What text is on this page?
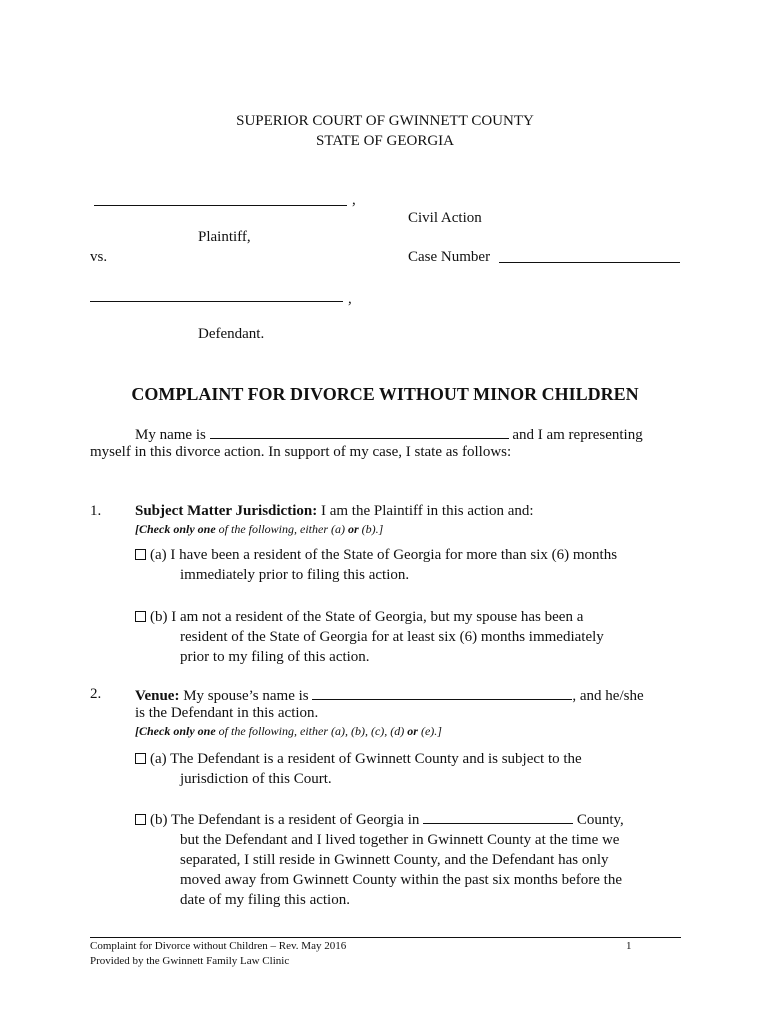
SUPERIOR COURT OF GWINNETT COUNTY
STATE OF GEORGIA
,
Civil Action
Plaintiff,
vs.	Case Number
,
Defendant.
COMPLAINT FOR DIVORCE WITHOUT MINOR CHILDREN
My name is	and I am representing
myself in this divorce action. In support of my case, I state as follows:
1. Subject Matter Jurisdiction: I am the Plaintiff in this action and:
[Check only one of the following, either (a) or (b).]
(a) I have been a resident of the State of Georgia for more than six (6) months
immediately prior to filing this action.
(b) I am not a resident of the State of Georgia, but my spouse has been a
resident of the State of Georgia for at least six (6) months immediately
prior to my filing of this action.
2. Venue: My spouse’s name is	, and he/she
is the Defendant in this action.
[Check only one of the following, either (a), (b), (c), (d) or (e).]
(a) The Defendant is a resident of Gwinnett County and is subject to the
jurisdiction of this Court.
(b) The Defendant is a resident of Georgia in	County,
but the Defendant and I lived together in Gwinnett County at the time we
separated, I still reside in Gwinnett County, and the Defendant has only
moved away from Gwinnett County within the past six months before the
date of my filing this action.
Complaint for Divorce without Children – Rev. May 2016
Provided by the Gwinnett Family Law Clinic
1
